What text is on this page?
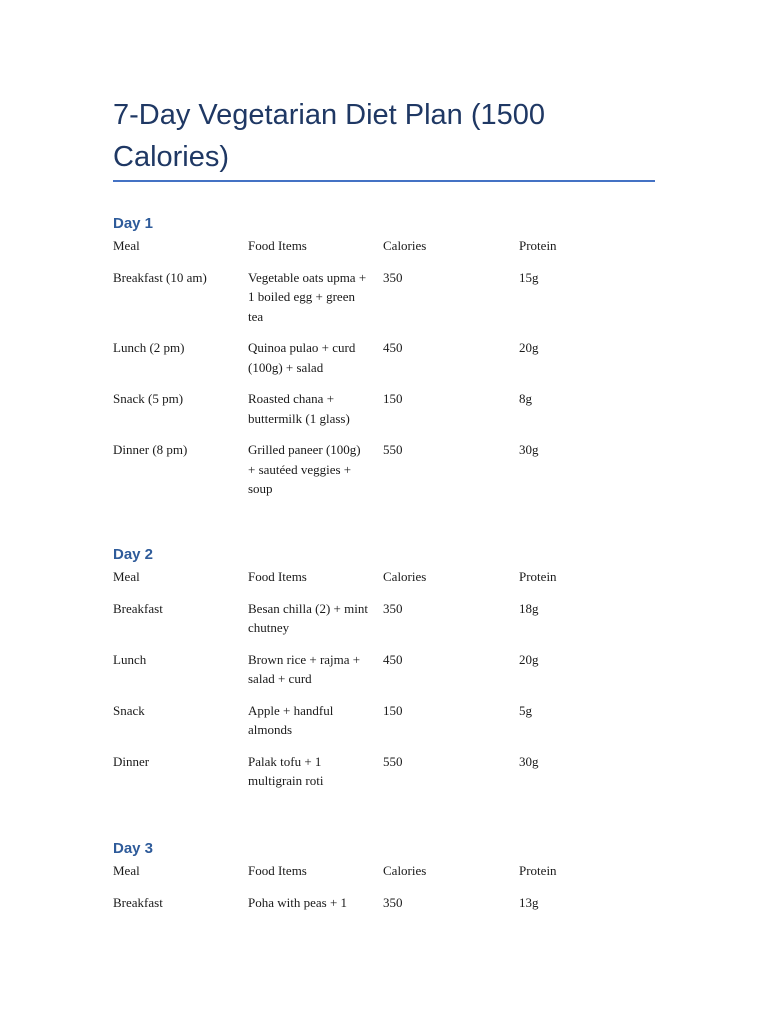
7-Day Vegetarian Diet Plan (1500 Calories)
Day 1
Meal	Food Items	Calories	Protein
Breakfast (10 am)	Vegetable oats upma + 1 boiled egg + green tea	350	15g
Lunch (2 pm)	Quinoa pulao + curd (100g) + salad	450	20g
Snack (5 pm)	Roasted chana + buttermilk (1 glass)	150	8g
Dinner (8 pm)	Grilled paneer (100g) + sautéed veggies + soup	550	30g
Day 2
Meal	Food Items	Calories	Protein
Breakfast	Besan chilla (2) + mint chutney	350	18g
Lunch	Brown rice + rajma + salad + curd	450	20g
Snack	Apple + handful almonds	150	5g
Dinner	Palak tofu + 1 multigrain roti	550	30g
Day 3
Meal	Food Items	Calories	Protein
Breakfast	Poha with peas + 1	350	13g
